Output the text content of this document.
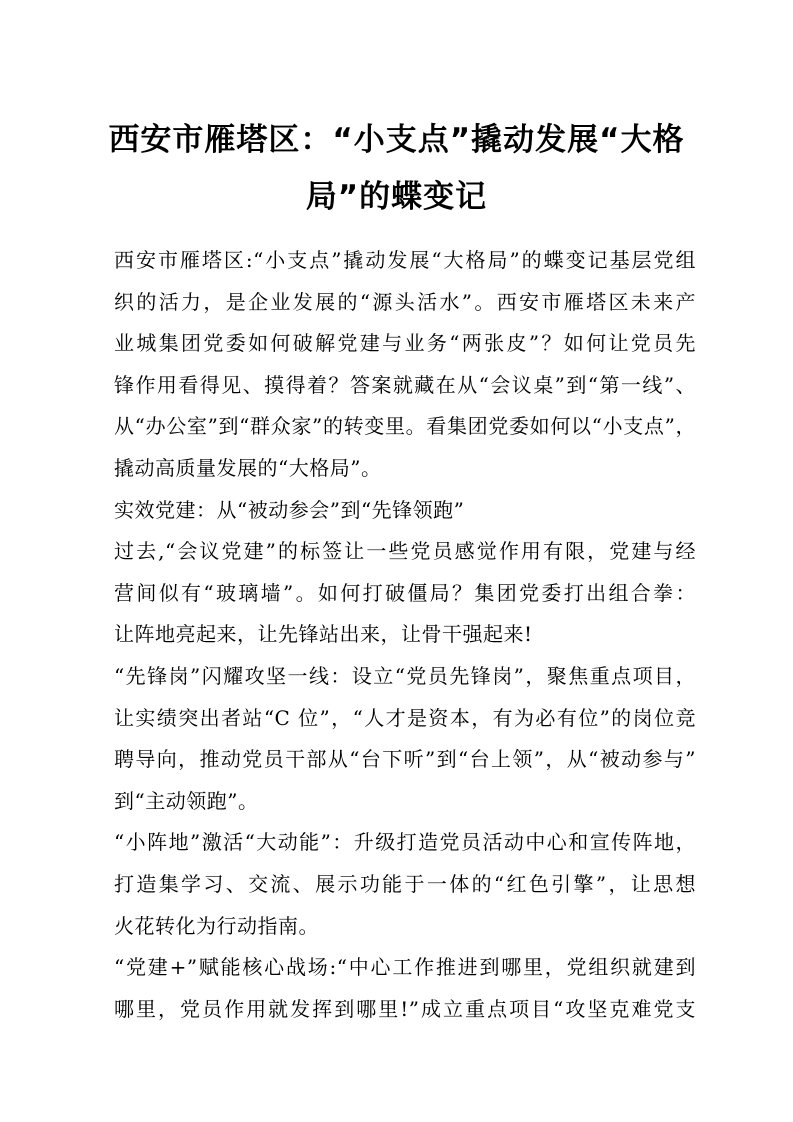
西安市雁塔区：“小支点”撬动发展“大格
局”的蝶变记
西安市雁塔区:“小支点”撬动发展“大格局”的蝶变记基层党组
织的活力，是企业发展的“源头活水”。西安市雁塔区未来产
业城集团党委如何破解党建与业务“两张皮”？如何让党员先
锋作用看得见、摸得着？答案就藏在从“会议桌”到“第一线”、
从“办公室”到“群众家”的转变里。看集团党委如何以“小支点”，
撬动高质量发展的“大格局”。
实效党建：从“被动参会”到“先锋领跑”
过去,“会议党建”的标签让一些党员感觉作用有限，党建与经
营间似有“玻璃墙”。如何打破僵局？集团党委打出组合拳：
让阵地亮起来，让先锋站出来，让骨干强起来!
“先锋岗”闪耀攻坚一线：设立“党员先锋岗”，聚焦重点项目，
让实绩突出者站“C 位”，“人才是资本，有为必有位”的岗位竞
聘导向，推动党员干部从“台下听”到“台上领”，从“被动参与”
到“主动领跑”。
“小阵地”激活“大动能”：升级打造党员活动中心和宣传阵地，
打造集学习、交流、展示功能于一体的“红色引擎”，让思想
火花转化为行动指南。
“党建+”赋能核心战场:“中心工作推进到哪里，党组织就建到
哪里，党员作用就发挥到哪里!”成立重点项目“攻坚克难党支
